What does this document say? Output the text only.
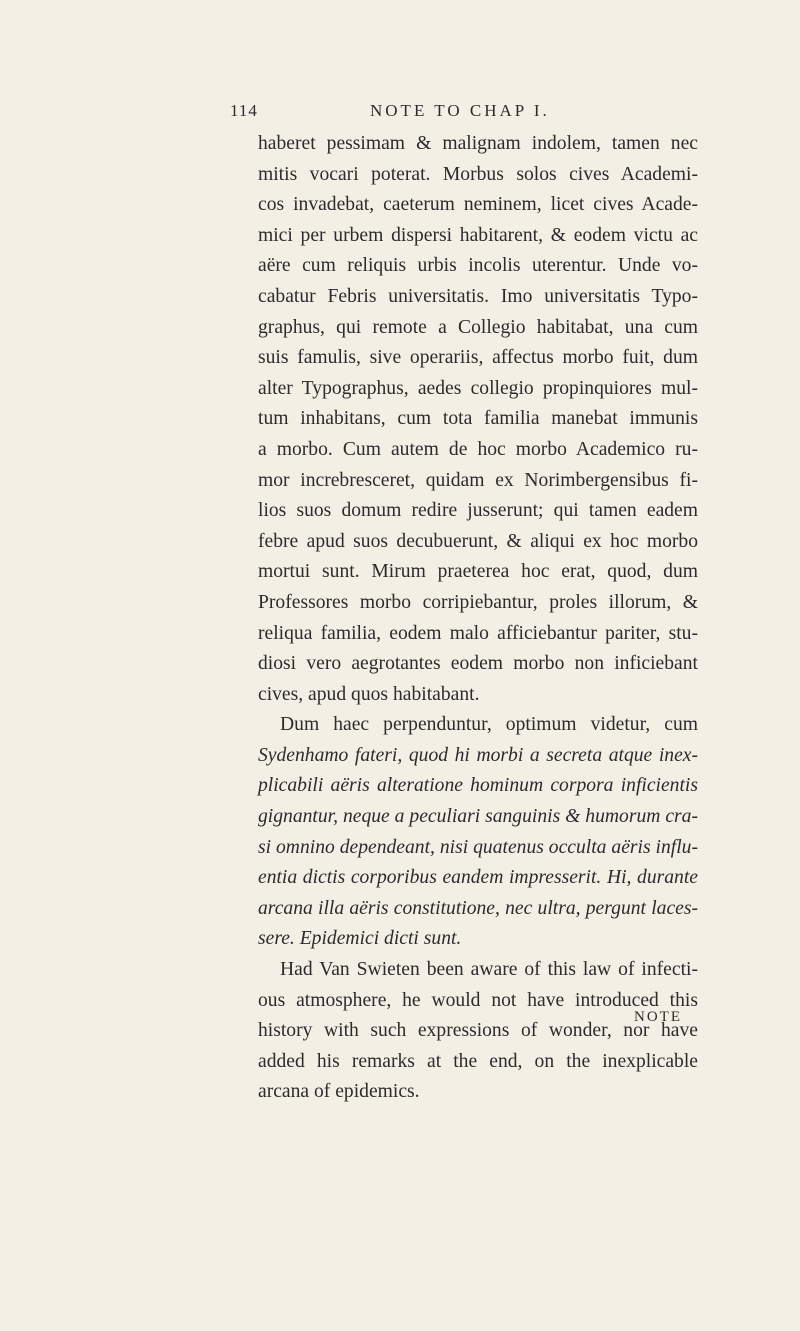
114	NOTE TO CHAP I.
haberet pessimam & malignam indolem, tamen nec
mitis vocari poterat. Morbus solos cives Academi-
cos invadebat, caeterum neminem, licet cives Acade-
mici per urbem dispersi habitarent, & eodem victu ac
aëre cum reliquis urbis incolis uterentur. Unde vo-
cabatur Febris universitatis. Imo universitatis Typo-
graphus, qui remote a Collegio habitabat, una cum
suis famulis, sive operariis, affectus morbo fuit, dum
alter Typographus, aedes collegio propinquiores mul-
tum inhabitans, cum tota familia manebat immunis
a morbo. Cum autem de hoc morbo Academico ru-
mor increbresceret, quidam ex Norimbergensibus fi-
lios suos domum redire jusserunt; qui tamen eadem
febre apud suos decubuerunt, & aliqui ex hoc morbo
mortui sunt. Mirum praeterea hoc erat, quod, dum
Professores morbo corripiebantur, proles illorum, &
reliqua familia, eodem malo afficiebantur pariter, stu-
diosi vero aegrotantes eodem morbo non inficiebant
cives, apud quos habitabant.
Dum haec perpenduntur, optimum videtur, cum
Sydenhamo fateri, quod hi morbi a secreta atque inex-
plicabili aëris alteratione hominum corpora inficientis
gignantur, neque a peculiari sanguinis & humorum cra-
si omnino dependeant, nisi quatenus occulta aëris influ-
entia dictis corporibus eandem impresserit. Hi, durante
arcana illa aëris constitutione, nec ultra, pergunt laces-
sere. Epidemici dicti sunt.
Had Van Swieten been aware of this law of infecti-
ous atmosphere, he would not have introduced this
history with such expressions of wonder, nor have
added his remarks at the end, on the inexplicable
arcana of epidemics.
NOTE
